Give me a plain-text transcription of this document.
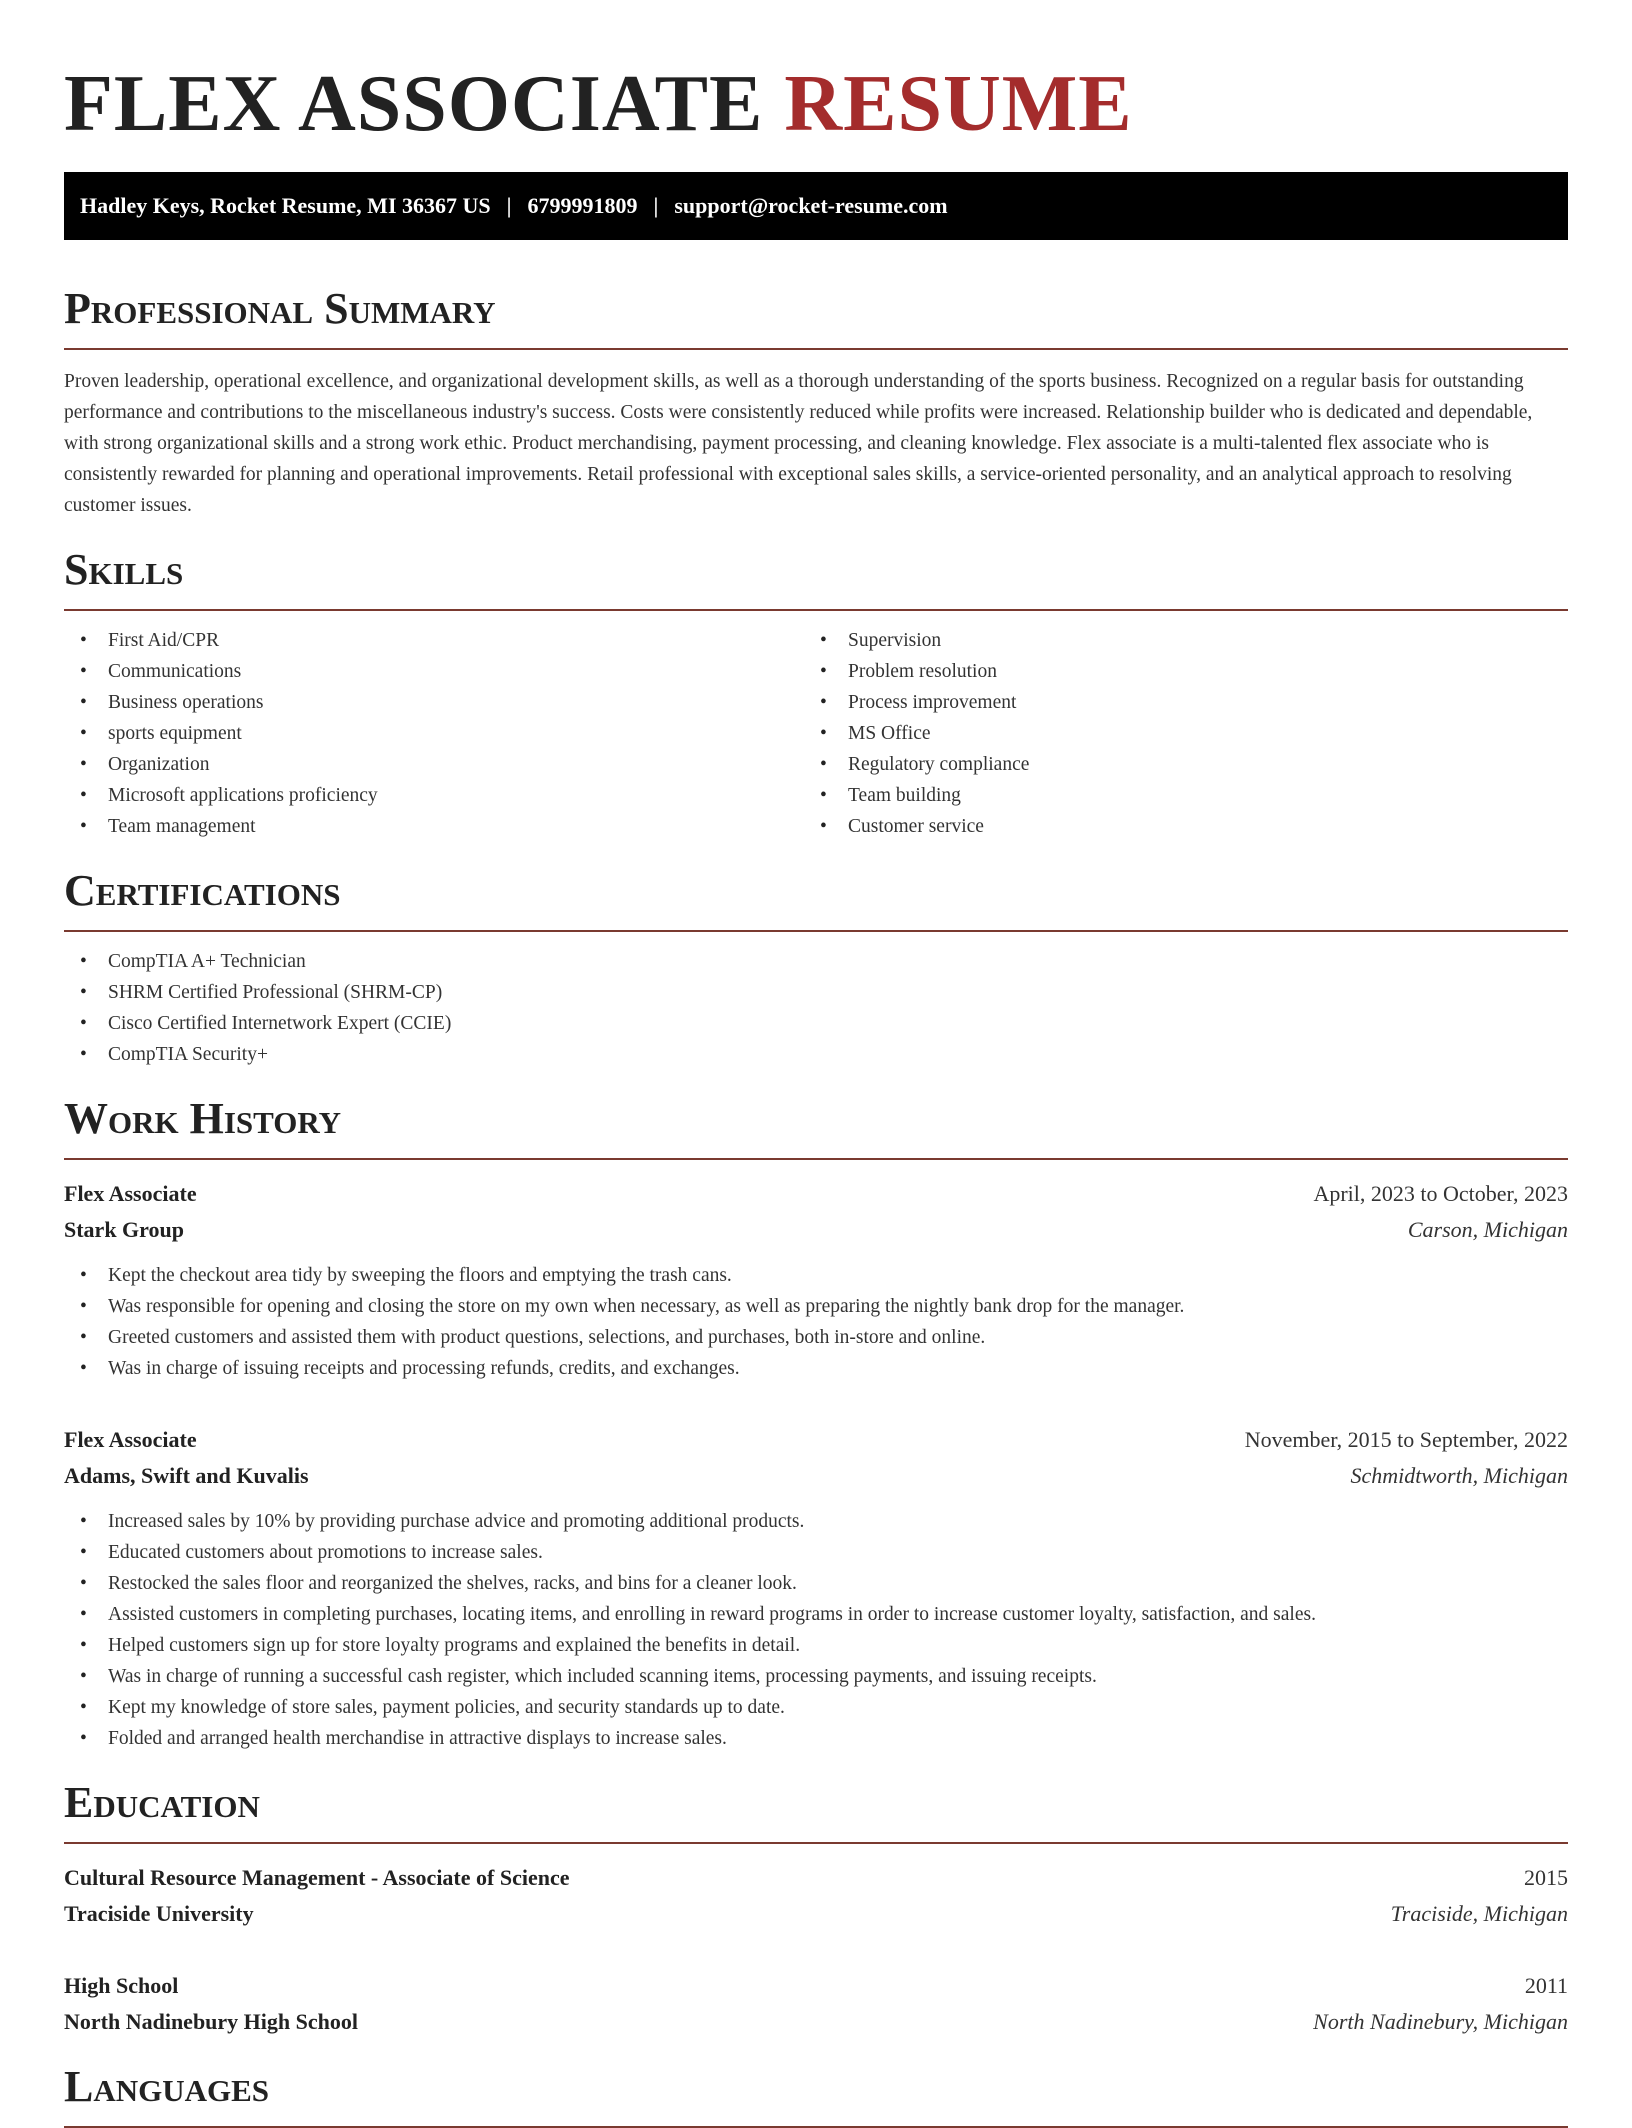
FLEX ASSOCIATE RESUME
Hadley Keys, Rocket Resume, MI 36367 US | 6799991809 | support@rocket-resume.com
Professional Summary

Proven leadership, operational excellence, and organizational development skills, as well as a thorough understanding of the sports business. Recognized on a regular basis for outstanding performance and contributions to the miscellaneous industry's success. Costs were consistently reduced while profits were increased. Relationship builder who is dedicated and dependable, with strong organizational skills and a strong work ethic. Product merchandising, payment processing, and cleaning knowledge. Flex associate is a multi-talented flex associate who is consistently rewarded for planning and operational improvements. Retail professional with exceptional sales skills, a service-oriented personality, and an analytical approach to resolving customer issues.

Skills
• First Aid/CPR
• Communications
• Business operations
• sports equipment
• Organization
• Microsoft applications proficiency
• Team management
• Supervision
• Problem resolution
• Process improvement
• MS Office
• Regulatory compliance
• Team building
• Customer service
Certifications
• CompTIA A+ Technician
• SHRM Certified Professional (SHRM-CP)
• Cisco Certified Internetwork Expert (CCIE)
• CompTIA Security+
Work History
Flex Associate	April, 2023 to October, 2023
Stark Group	Carson, Michigan
• Kept the checkout area tidy by sweeping the floors and emptying the trash cans.
• Was responsible for opening and closing the store on my own when necessary, as well as preparing the nightly bank drop for the manager.
• Greeted customers and assisted them with product questions, selections, and purchases, both in-store and online.
• Was in charge of issuing receipts and processing refunds, credits, and exchanges.
Flex Associate	November, 2015 to September, 2022
Adams, Swift and Kuvalis	Schmidtworth, Michigan
• Increased sales by 10% by providing purchase advice and promoting additional products.
• Educated customers about promotions to increase sales.
• Restocked the sales floor and reorganized the shelves, racks, and bins for a cleaner look.
• Assisted customers in completing purchases, locating items, and enrolling in reward programs in order to increase customer loyalty, satisfaction, and sales.
• Helped customers sign up for store loyalty programs and explained the benefits in detail.
• Was in charge of running a successful cash register, which included scanning items, processing payments, and issuing receipts.
• Kept my knowledge of store sales, payment policies, and security standards up to date.
• Folded and arranged health merchandise in attractive displays to increase sales.
Education
Cultural Resource Management - Associate of Science	2015
Traciside University	Traciside, Michigan
High School	2011
North Nadinebury High School	North Nadinebury, Michigan
Languages
